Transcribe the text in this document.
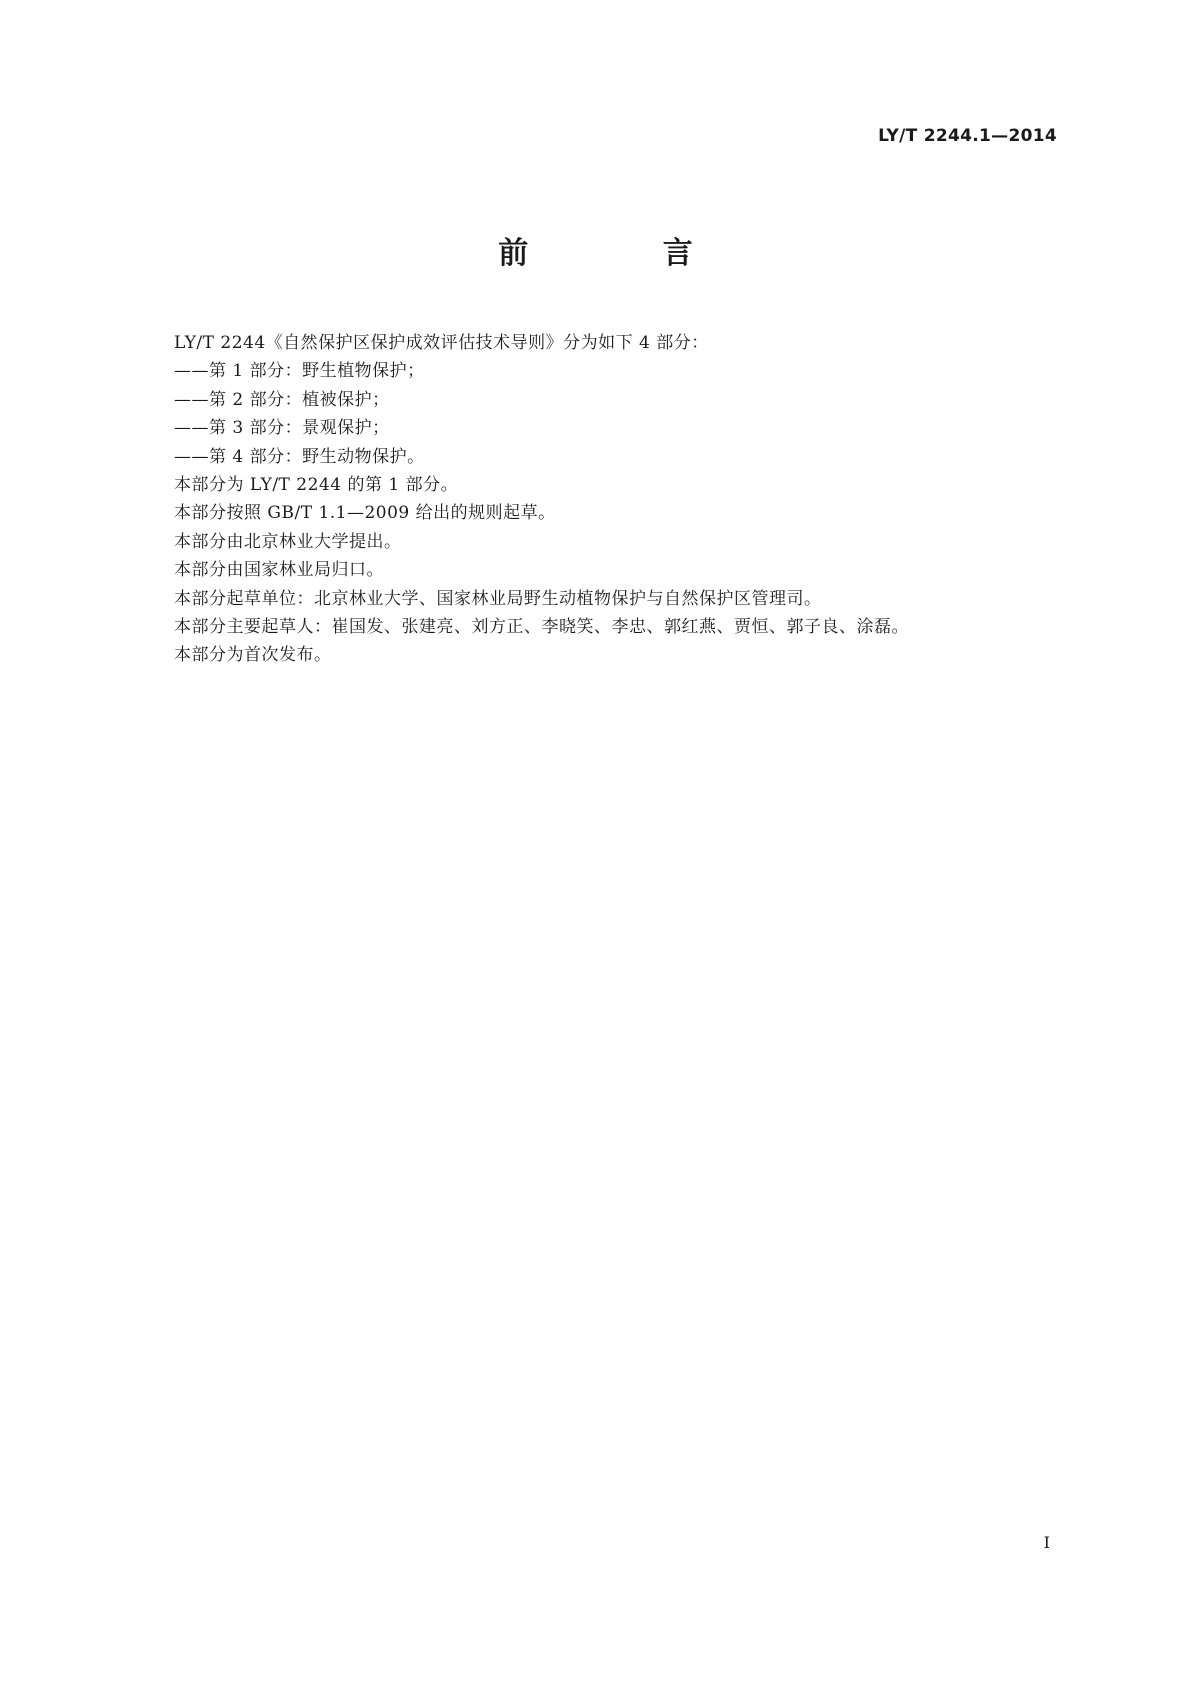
LY/T 2244.1—2014
前 言
LY/T 2244《自然保护区保护成效评估技术导则》分为如下 4 部分：
——第 1 部分：野生植物保护；
——第 2 部分：植被保护；
——第 3 部分：景观保护；
——第 4 部分：野生动物保护。
本部分为 LY/T 2244 的第 1 部分。
本部分按照 GB/T 1.1—2009 给出的规则起草。
本部分由北京林业大学提出。
本部分由国家林业局归口。
本部分起草单位：北京林业大学、国家林业局野生动植物保护与自然保护区管理司。
本部分主要起草人：崔国发、张建亮、刘方正、李晓笑、李忠、郭红燕、贾恒、郭子良、涂磊。
本部分为首次发布。
I
